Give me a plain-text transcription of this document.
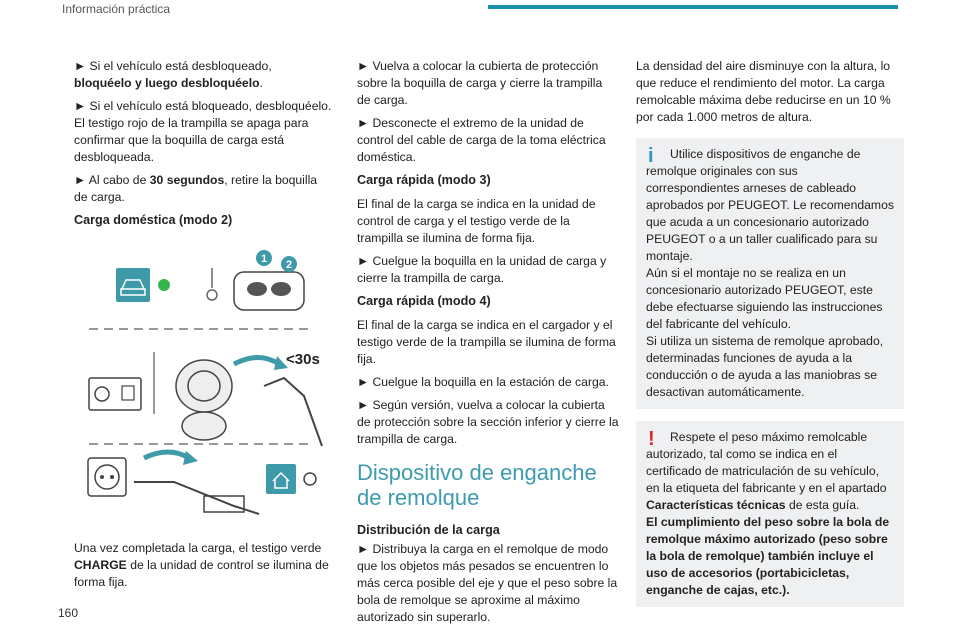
Información práctica

► Si el vehículo está desbloqueado, bloquéelo y luego desbloquéelo.

► Si el vehículo está bloqueado, desbloquéelo. El testigo rojo de la trampilla se apaga para confirmar que la boquilla de carga está desbloqueada.

► Al cabo de 30 segundos, retire la boquilla de carga.

Carga doméstica (modo 2)
1 2
<30s

Una vez completada la carga, el testigo verde CHARGE de la unidad de control se ilumina de forma fija.

► Vuelva a colocar la cubierta de protección sobre la boquilla de carga y cierre la trampilla de carga.

► Desconecte el extremo de la unidad de control del cable de carga de la toma eléctrica doméstica.

Carga rápida (modo 3)

El final de la carga se indica en la unidad de control de carga y el testigo verde de la trampilla se ilumina de forma fija.

► Cuelgue la boquilla en la unidad de carga y cierre la trampilla de carga.

Carga rápida (modo 4)

El final de la carga se indica en el cargador y el testigo verde de la trampilla se ilumina de forma fija.

► Cuelgue la boquilla en la estación de carga.

► Según versión, vuelva a colocar la cubierta de protección sobre la sección inferior y cierre la trampilla de carga.

Dispositivo de enganche de remolque
Distribución de la carga

► Distribuya la carga en el remolque de modo que los objetos más pesados se encuentren lo más cerca posible del eje y que el peso sobre la bola de remolque se aproxime al máximo autorizado sin superarlo.

La densidad del aire disminuye con la altura, lo que reduce el rendimiento del motor. La carga remolcable máxima debe reducirse en un 10 % por cada 1.000 metros de altura.

i	Utilice dispositivos de enganche de remolque originales con sus correspondientes arneses de cableado aprobados por PEUGEOT. Le recomendamos que acuda a un concesionario autorizado PEUGEOT o a un taller cualificado para su montaje.
Aún si el montaje no se realiza en un concesionario autorizado PEUGEOT, este debe efectuarse siguiendo las instrucciones del fabricante del vehículo.
Si utiliza un sistema de remolque aprobado, determinadas funciones de ayuda a la conducción o de ayuda a las maniobras se desactivan automáticamente.
!	Respete el peso máximo remolcable autorizado, tal como se indica en el certificado de matriculación de su vehículo, en la etiqueta del fabricante y en el apartado Características técnicas de esta guía.
El cumplimiento del peso sobre la bola de remolque máximo autorizado (peso sobre la bola de remolque) también incluye el uso de accesorios (portabicicletas, enganche de cajas, etc.).
160
